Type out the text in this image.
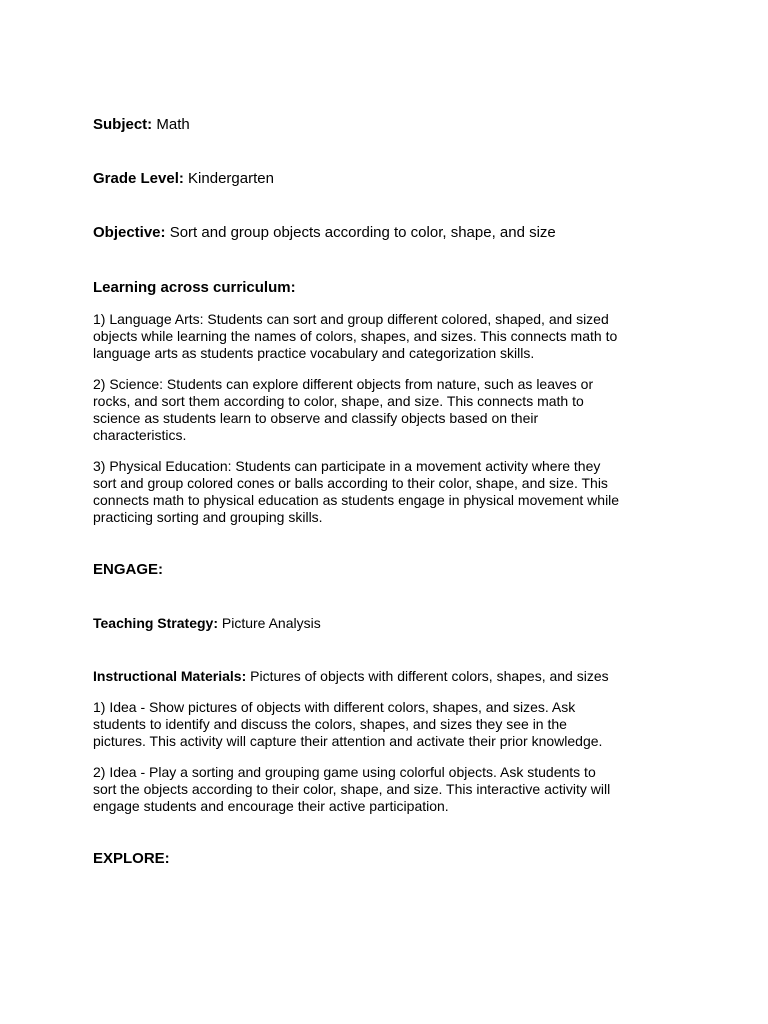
Subject: Math
Grade Level: Kindergarten
Objective: Sort and group objects according to color, shape, and size
Learning across curriculum:
1) Language Arts: Students can sort and group different colored, shaped, and sized
objects while learning the names of colors, shapes, and sizes. This connects math to
language arts as students practice vocabulary and categorization skills.
2) Science: Students can explore different objects from nature, such as leaves or
rocks, and sort them according to color, shape, and size. This connects math to
science as students learn to observe and classify objects based on their
characteristics.
3) Physical Education: Students can participate in a movement activity where they
sort and group colored cones or balls according to their color, shape, and size. This
connects math to physical education as students engage in physical movement while
practicing sorting and grouping skills.
ENGAGE:
Teaching Strategy: Picture Analysis
Instructional Materials: Pictures of objects with different colors, shapes, and sizes
1) Idea - Show pictures of objects with different colors, shapes, and sizes. Ask
students to identify and discuss the colors, shapes, and sizes they see in the
pictures. This activity will capture their attention and activate their prior knowledge.
2) Idea - Play a sorting and grouping game using colorful objects. Ask students to
sort the objects according to their color, shape, and size. This interactive activity will
engage students and encourage their active participation.
EXPLORE:
